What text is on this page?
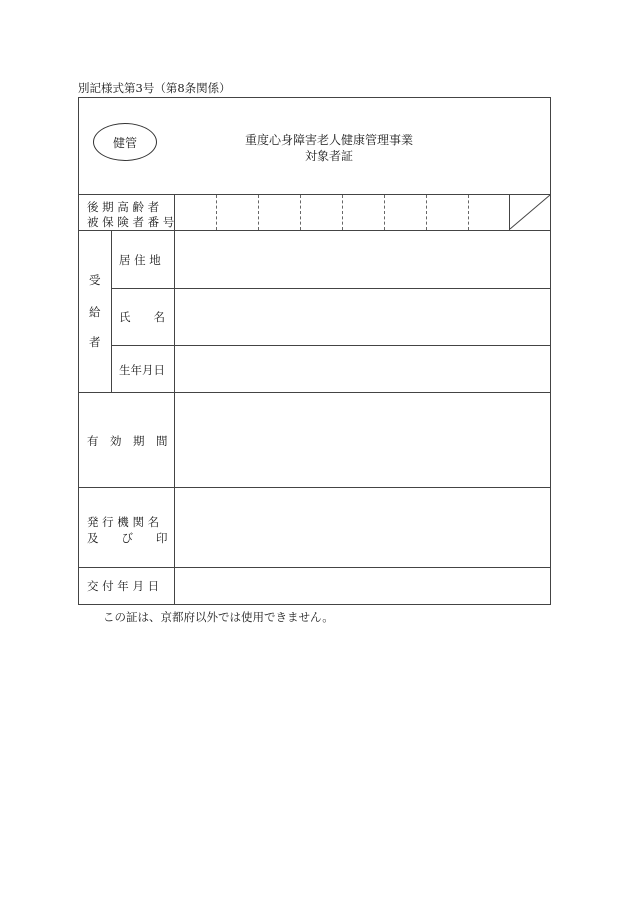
別記様式第3号（第8条関係）
健管	重度心身障害老人健康管理事業
対象者証
後 期 高 齢 者
被 保 険 者 番 号
受
給
者
居 住 地
氏　　名
生年月日
有　効　期　間
発 行 機 関 名
及　　び　　印
交 付 年 月 日
この証は、京都府以外では使用できません。
